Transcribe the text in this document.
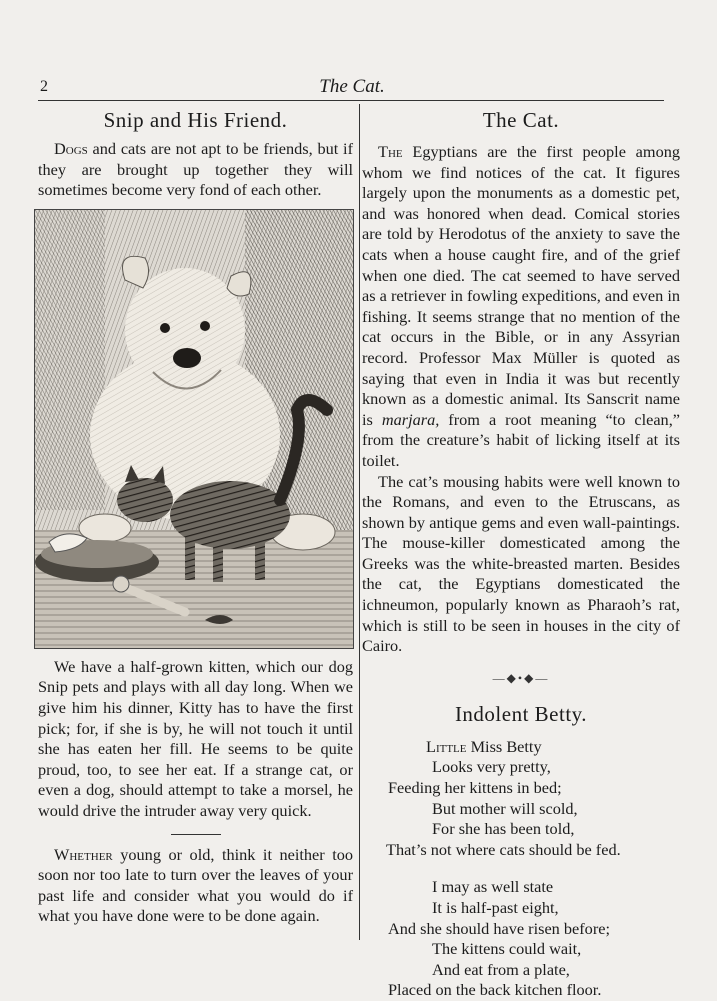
2	The Cat.
Snip and His Friend.

Dogs and cats are not apt to be friends, but if they are brought up together they will sometimes become very fond of each other.

We have a half-grown kitten, which our dog Snip pets and plays with all day long. When we give him his dinner, Kitty has to have the first pick; for, if she is by, he will not touch it until she has eaten her fill. He seems to be quite proud, too, to see her eat. If a strange cat, or even a dog, should attempt to take a morsel, he would drive the intruder away very quick.

Whether young or old, think it neither too soon nor too late to turn over the leaves of your past life and consider what you would do if what you have done were to be done again.

The Cat.

The Egyptians are the first people among whom we find notices of the cat. It figures largely upon the monuments as a domestic pet, and was honored when dead. Comical stories are told by Herodotus of the anxiety to save the cats when a house caught fire, and of the grief when one died. The cat seemed to have served as a retriever in fowling expeditions, and even in fishing. It seems strange that no mention of the cat occurs in the Bible, or in any Assyrian record. Professor Max Müller is quoted as saying that even in India it was but recently known as a domestic animal. Its Sanscrit name is marjara, from a root meaning “to clean,” from the creature’s habit of licking itself at its toilet.

The cat’s mousing habits were well known to the Romans, and even to the Etruscans, as shown by antique gems and even wall-paintings. The mouse-killer domesticated among the Greeks was the white-breasted marten. Besides the cat, the Egyptians domesticated the ichneumon, popularly known as Pharaoh’s rat, which is still to be seen in houses in the city of Cairo.

—◆•◆—
Indolent Betty.
Little Miss Betty
Looks very pretty,
Feeding her kittens in bed;
But mother will scold,
For she has been told,
That’s not where cats should be fed.
I may as well state
It is half-past eight,
And she should have risen before;
The kittens could wait,
And eat from a plate,
Placed on the back kitchen floor.
